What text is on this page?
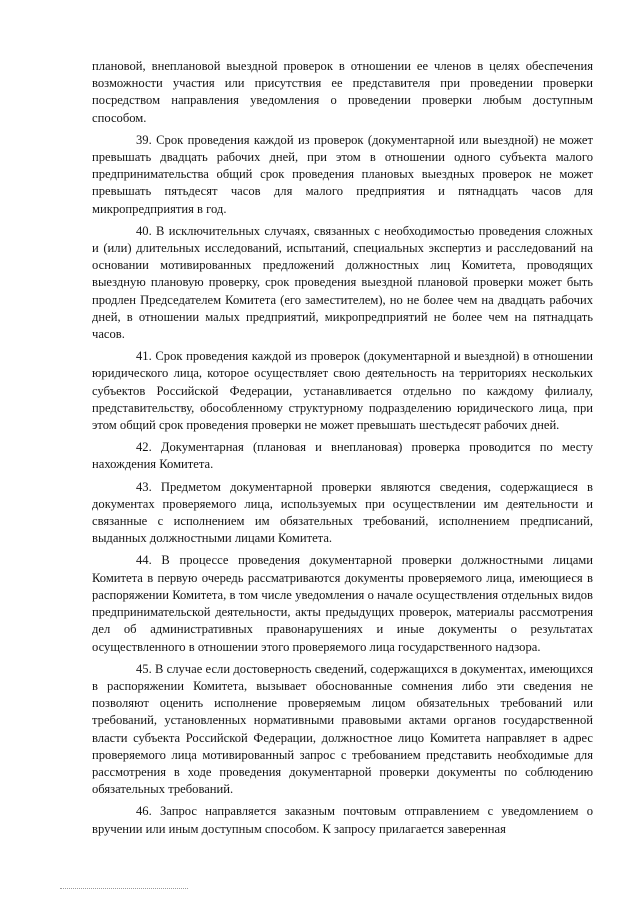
плановой, внеплановой выездной проверок в отношении ее членов в целях обеспечения возможности участия или присутствия ее представителя при проведении проверки посредством направления уведомления о проведении проверки любым доступным способом.

39. Срок проведения каждой из проверок (документарной или выездной) не может превышать двадцать рабочих дней, при этом в отношении одного субъекта малого предпринимательства общий срок проведения плановых выездных проверок не может превышать пятьдесят часов для малого предприятия и пятнадцать часов для микропредприятия в год.

40. В исключительных случаях, связанных с необходимостью проведения сложных и (или) длительных исследований, испытаний, специальных экспертиз и расследований на основании мотивированных предложений должностных лиц Комитета, проводящих выездную плановую проверку, срок проведения выездной плановой проверки может быть продлен Председателем Комитета (его заместителем), но не более чем на двадцать рабочих дней, в отношении малых предприятий, микропредприятий не более чем на пятнадцать часов.

41. Срок проведения каждой из проверок (документарной и выездной) в отношении юридического лица, которое осуществляет свою деятельность на территориях нескольких субъектов Российской Федерации, устанавливается отдельно по каждому филиалу, представительству, обособленному структурному подразделению юридического лица, при этом общий срок проведения проверки не может превышать шестьдесят рабочих дней.

42. Документарная (плановая и внеплановая) проверка проводится по месту нахождения Комитета.

43. Предметом документарной проверки являются сведения, содержащиеся в документах проверяемого лица, используемых при осуществлении им деятельности и связанные с исполнением им обязательных требований, исполнением предписаний, выданных должностными лицами Комитета.

44. В процессе проведения документарной проверки должностными лицами Комитета в первую очередь рассматриваются документы проверяемого лица, имеющиеся в распоряжении Комитета, в том числе уведомления о начале осуществления отдельных видов предпринимательской деятельности, акты предыдущих проверок, материалы рассмотрения дел об административных правонарушениях и иные документы о результатах осуществленного в отношении этого проверяемого лица государственного надзора.

45. В случае если достоверность сведений, содержащихся в документах, имеющихся в распоряжении Комитета, вызывает обоснованные сомнения либо эти сведения не позволяют оценить исполнение проверяемым лицом обязательных требований или требований, установленных нормативными правовыми актами органов государственной власти субъекта Российской Федерации, должностное лицо Комитета направляет в адрес проверяемого лица мотивированный запрос с требованием представить необходимые для рассмотрения в ходе проведения документарной проверки документы по соблюдению обязательных требований.

46. Запрос направляется заказным почтовым отправлением с уведомлением о вручении или иным доступным способом. К запросу прилагается заверенная
